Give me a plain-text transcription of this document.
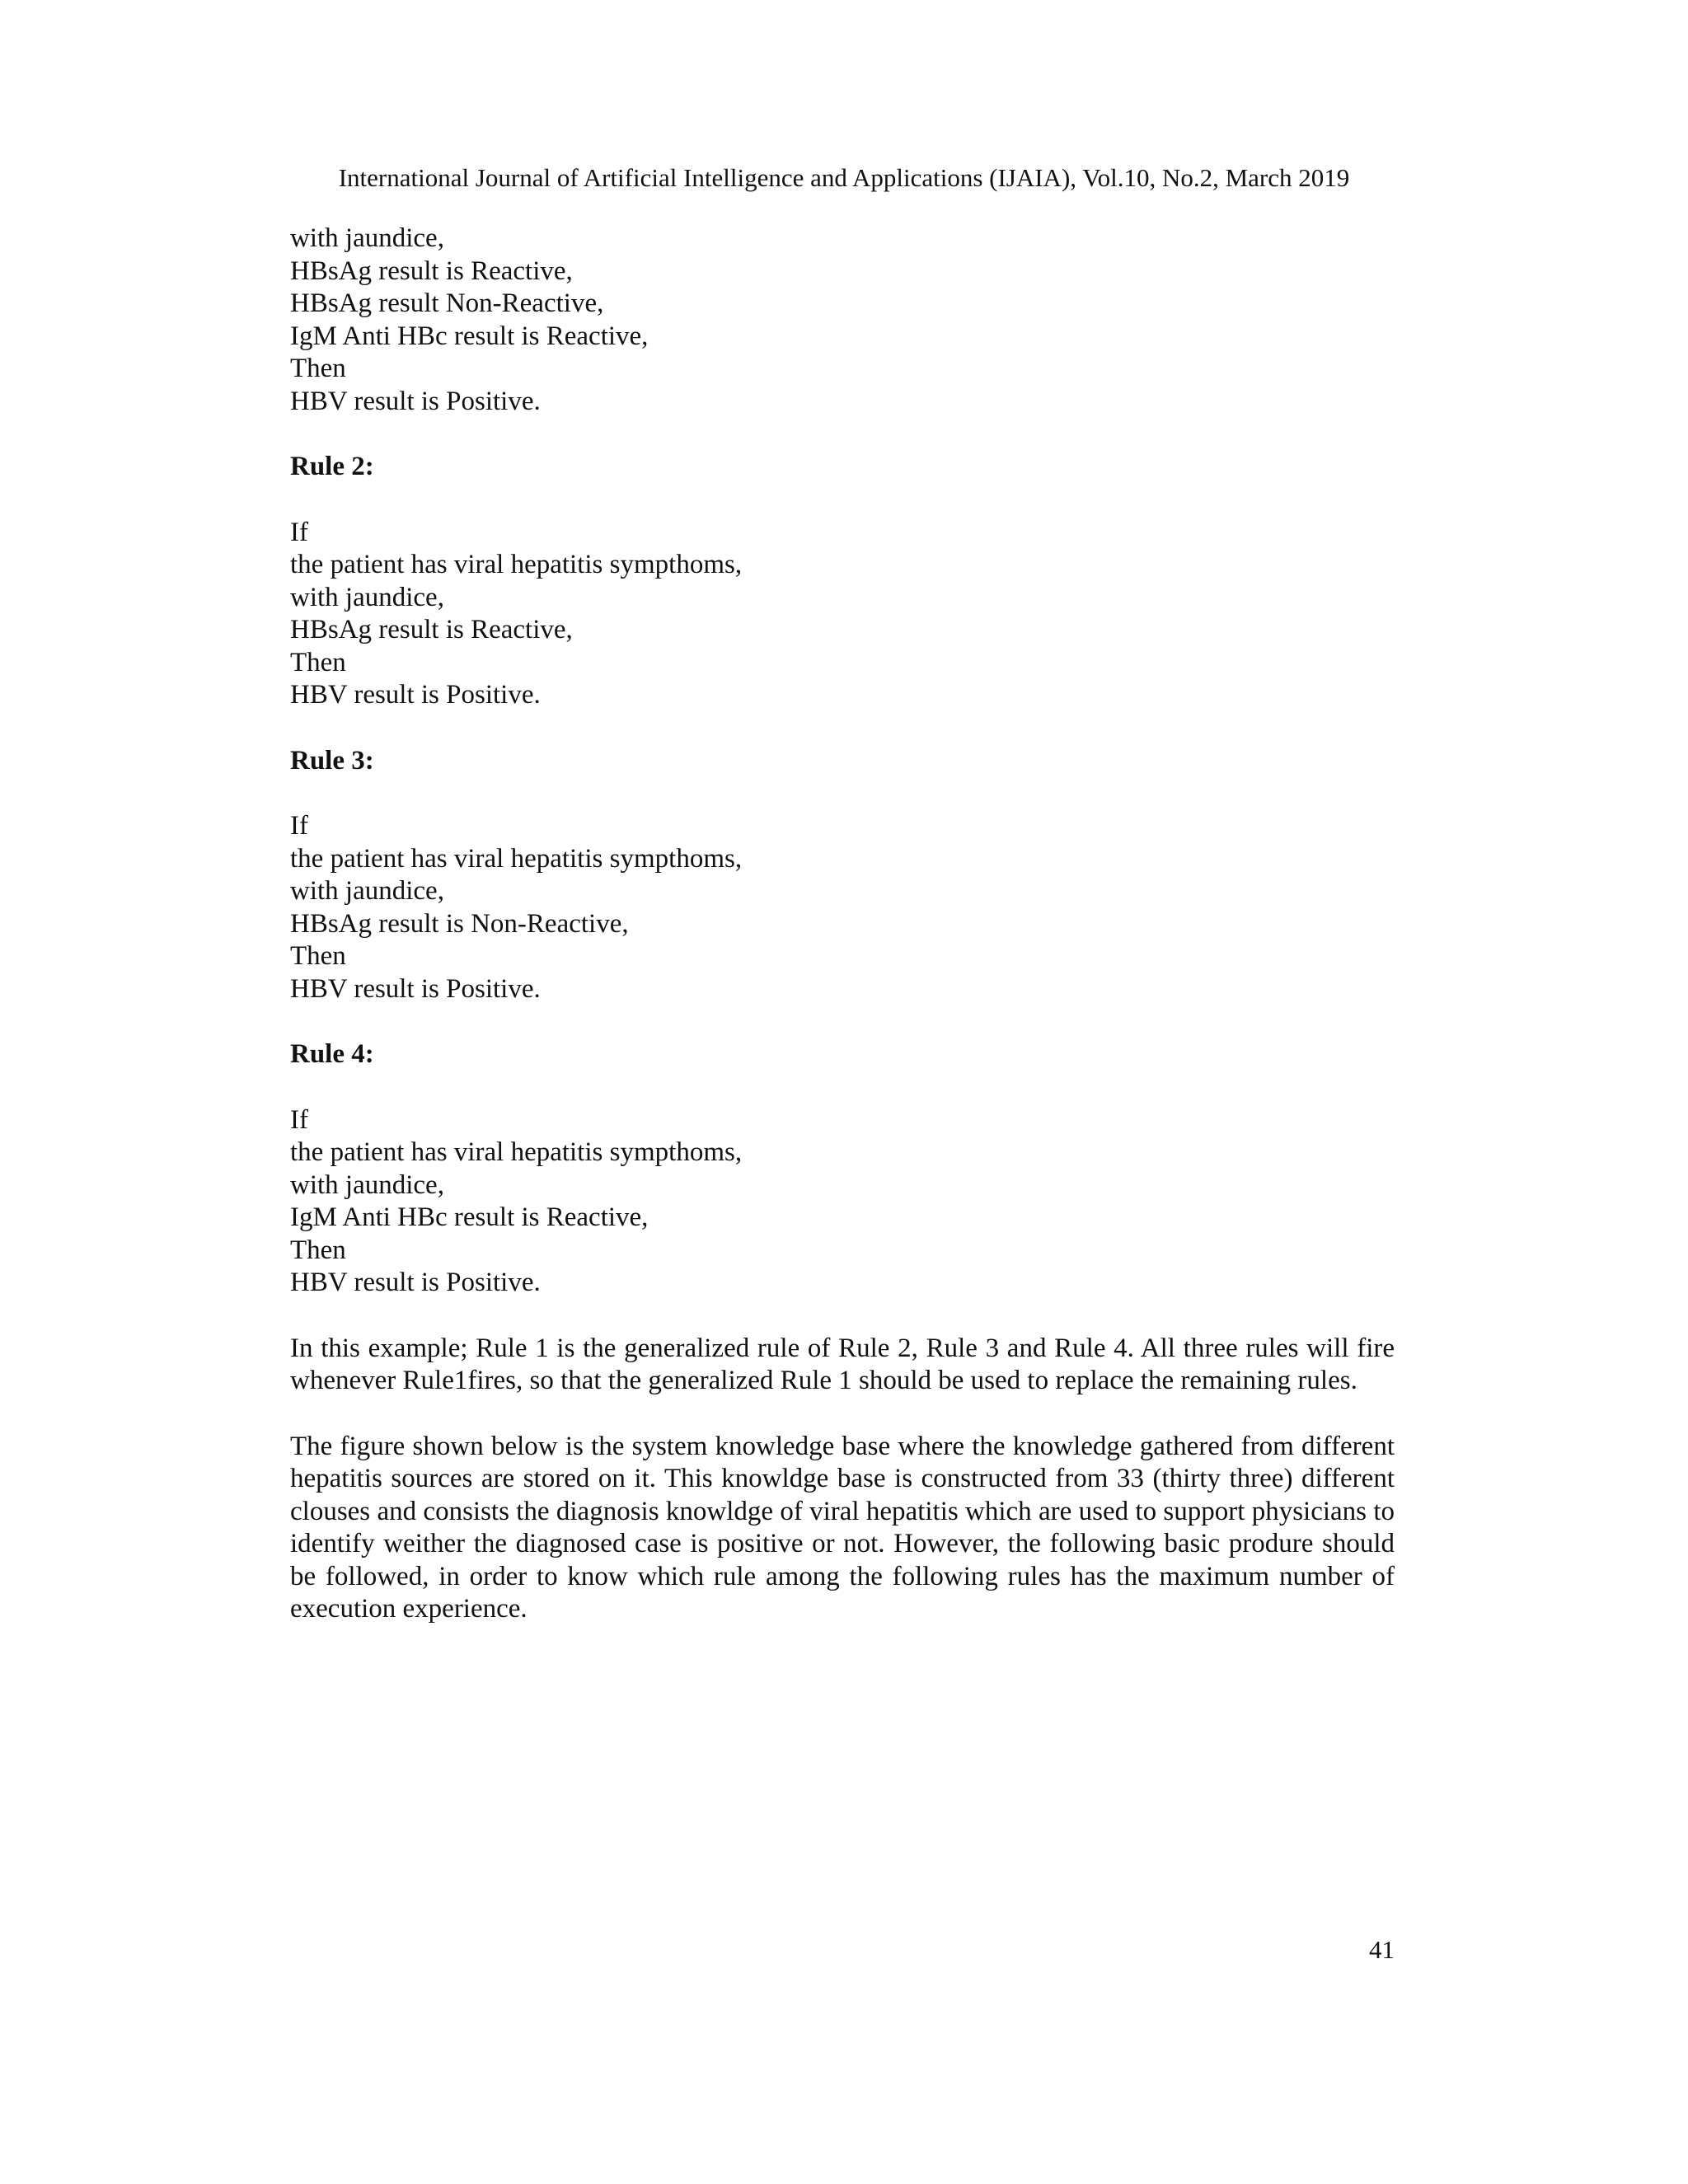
International Journal of Artificial Intelligence and Applications (IJAIA), Vol.10, No.2, March 2019
with jaundice,
HBsAg result is Reactive,
HBsAg result Non-Reactive,
IgM Anti HBc result is Reactive,
Then
HBV result is Positive.
Rule 2:
If
the patient has viral hepatitis sympthoms,
with jaundice,
HBsAg result is Reactive,
Then
HBV result is Positive.
Rule 3:
If
the patient has viral hepatitis sympthoms,
with jaundice,
HBsAg result is Non-Reactive,
Then
HBV result is Positive.
Rule 4:
If
the patient has viral hepatitis sympthoms,
with jaundice,
IgM Anti HBc result is Reactive,
Then
HBV result is Positive.

In this example; Rule 1 is the generalized rule of Rule 2, Rule 3 and Rule 4. All three rules will fire whenever Rule1fires, so that the generalized Rule 1 should be used to replace the remaining rules.

The figure shown below is the system knowledge base where the knowledge gathered from different hepatitis sources are stored on it. This knowldge base is constructed from 33 (thirty three) different clouses and consists the diagnosis knowldge of viral hepatitis which are used to support physicians to identify weither the diagnosed case is positive or not. However, the following basic produre should be followed, in order to know which rule among the following rules has the maximum number of execution experience.

41
